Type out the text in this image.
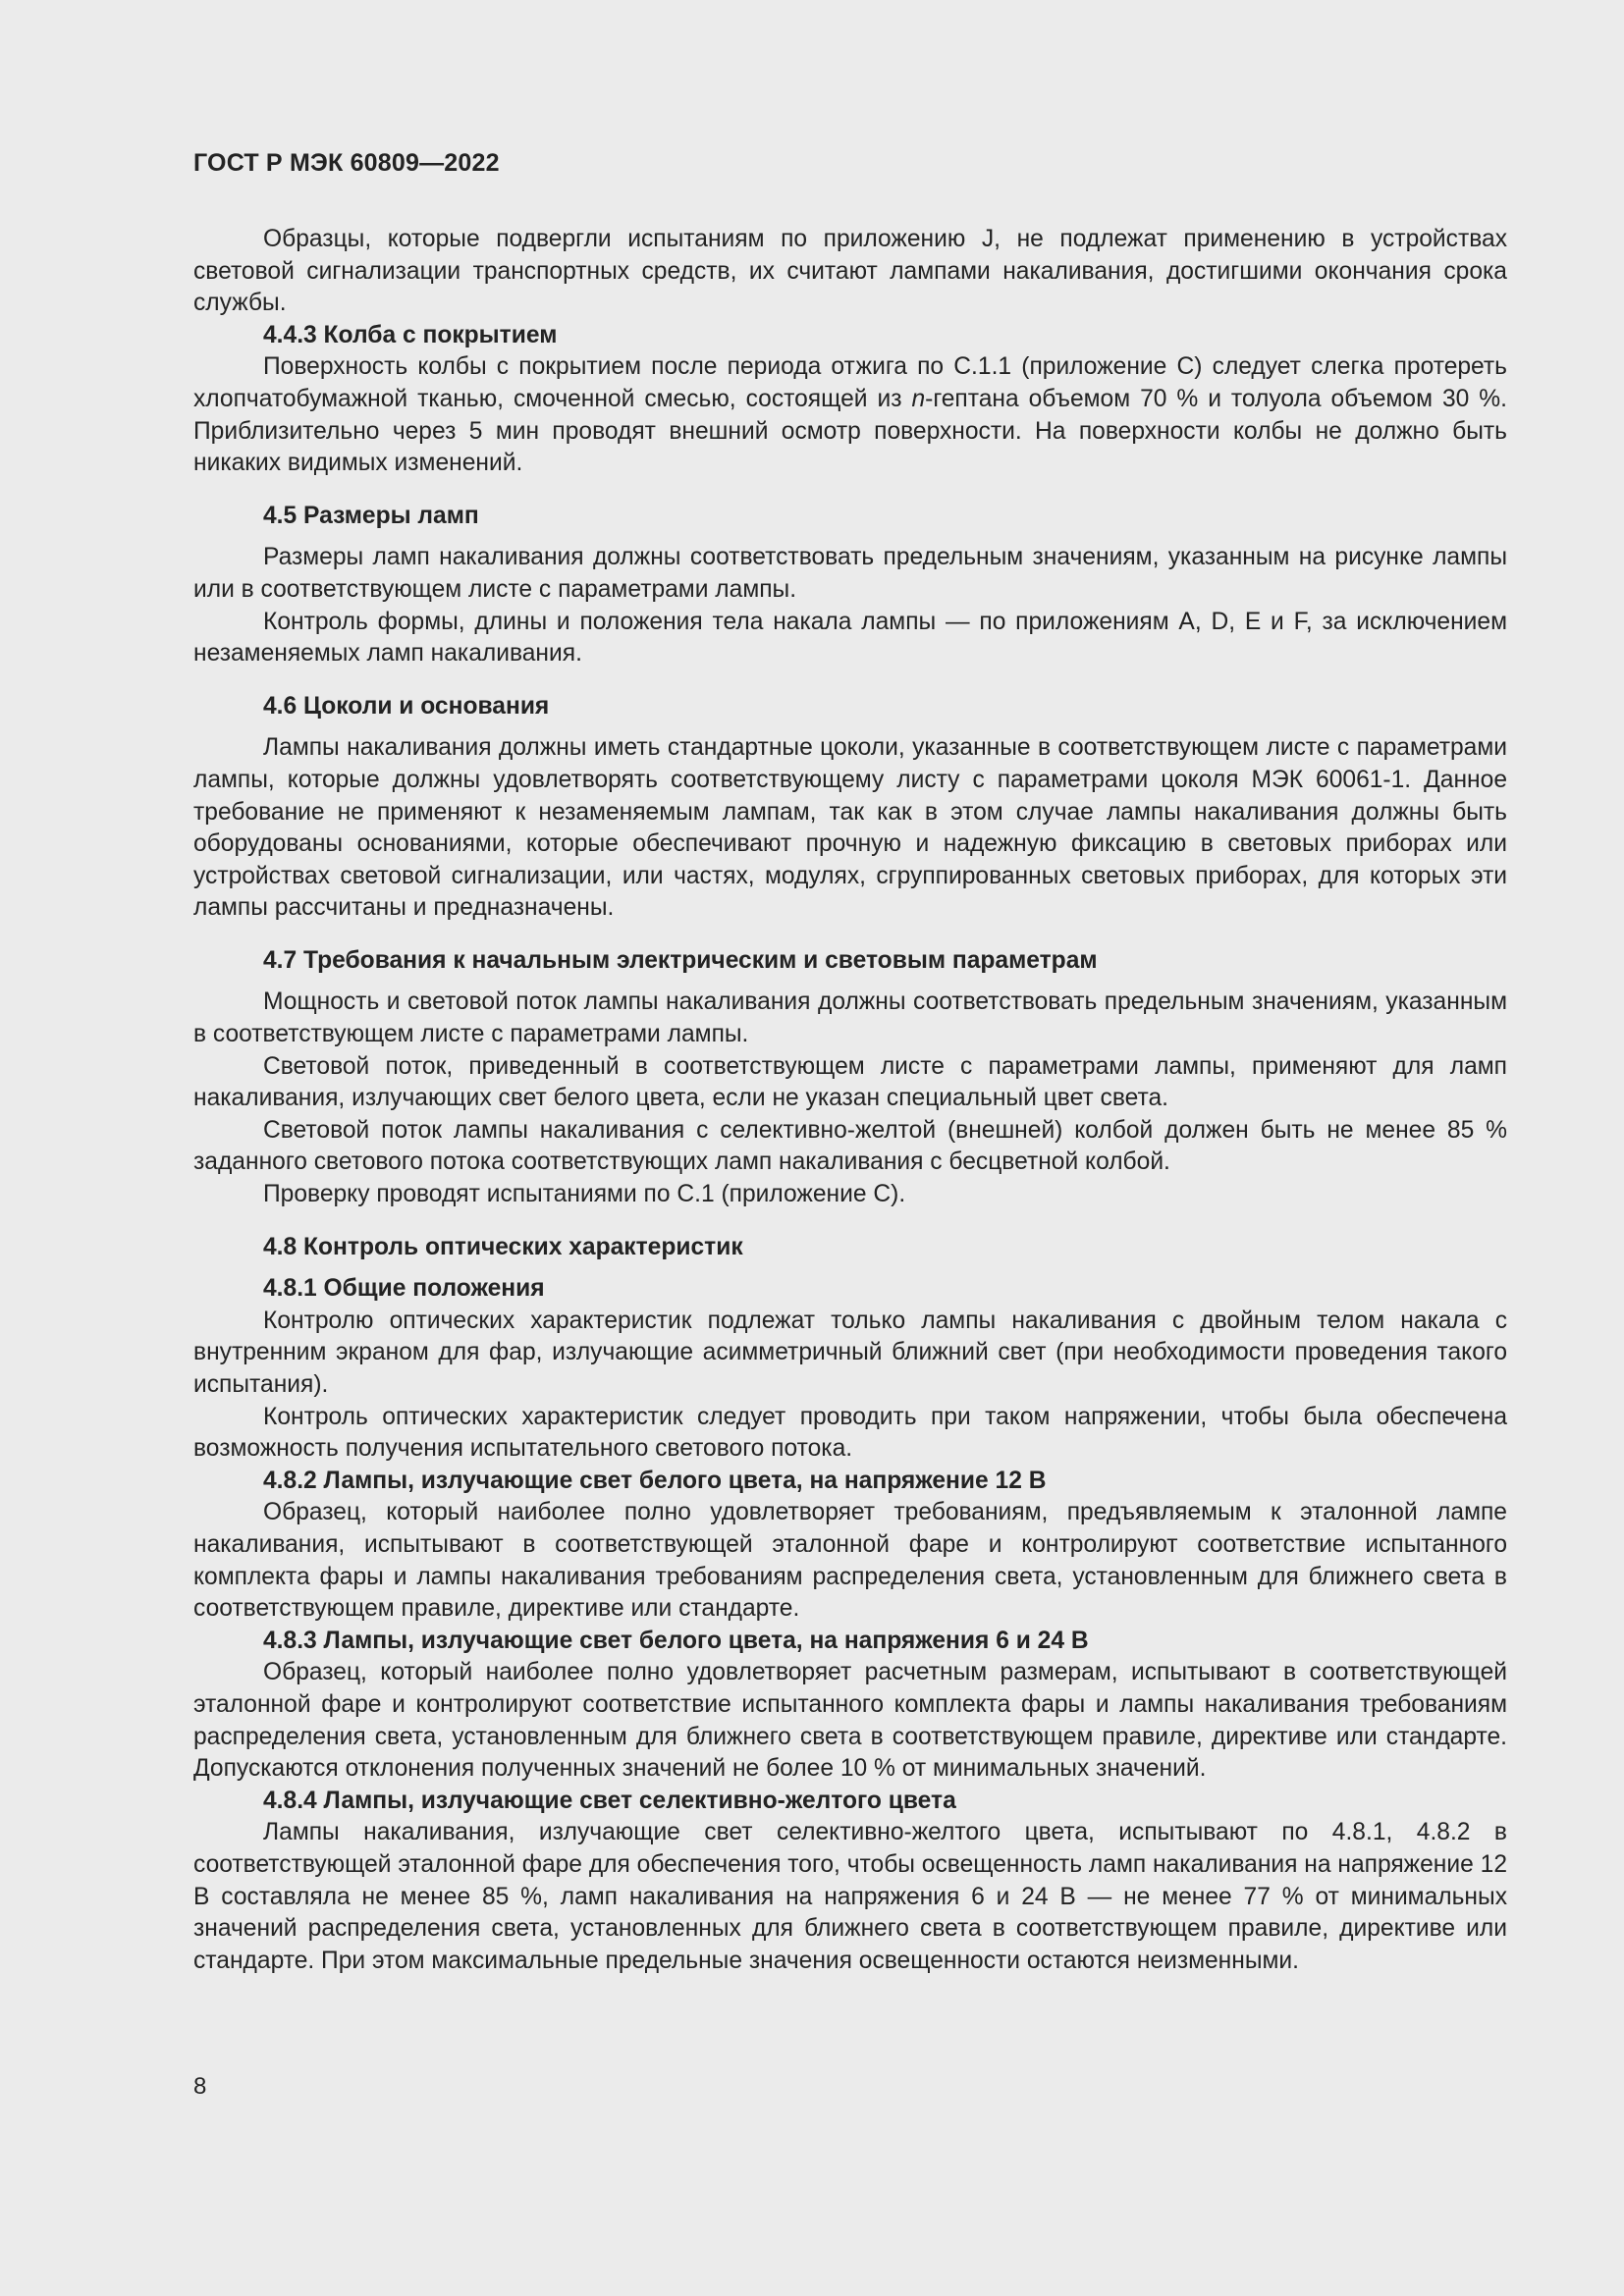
ГОСТ Р МЭК 60809—2022

Образцы, которые подвергли испытаниям по приложению J, не подлежат применению в устройствах световой сигнализации транспортных средств, их считают лампами накаливания, достигшими окончания срока службы.

4.4.3 Колба с покрытием

Поверхность колбы с покрытием после периода отжига по С.1.1 (приложение С) следует слегка протереть хлопчатобумажной тканью, смоченной смесью, состоящей из n-гептана объемом 70 % и толуола объемом 30 %. Приблизительно через 5 мин проводят внешний осмотр поверхности. На поверхности колбы не должно быть никаких видимых изменений.

4.5 Размеры ламп

Размеры ламп накаливания должны соответствовать предельным значениям, указанным на рисунке лампы или в соответствующем листе с параметрами лампы.

Контроль формы, длины и положения тела накала лампы — по приложениям А, D, Е и F, за исключением незаменяемых ламп накаливания.

4.6 Цоколи и основания

Лампы накаливания должны иметь стандартные цоколи, указанные в соответствующем листе с параметрами лампы, которые должны удовлетворять соответствующему листу с параметрами цоколя МЭК 60061-1. Данное требование не применяют к незаменяемым лампам, так как в этом случае лампы накаливания должны быть оборудованы основаниями, которые обеспечивают прочную и надежную фиксацию в световых приборах или устройствах световой сигнализации, или частях, модулях, сгруппированных световых приборах, для которых эти лампы рассчитаны и предназначены.

4.7 Требования к начальным электрическим и световым параметрам

Мощность и световой поток лампы накаливания должны соответствовать предельным значениям, указанным в соответствующем листе с параметрами лампы.

Световой поток, приведенный в соответствующем листе с параметрами лампы, применяют для ламп накаливания, излучающих свет белого цвета, если не указан специальный цвет света.

Световой поток лампы накаливания с селективно-желтой (внешней) колбой должен быть не менее 85 % заданного светового потока соответствующих ламп накаливания с бесцветной колбой.

Проверку проводят испытаниями по С.1 (приложение С).

4.8 Контроль оптических характеристик
4.8.1 Общие положения

Контролю оптических характеристик подлежат только лампы накаливания с двойным телом накала с внутренним экраном для фар, излучающие асимметричный ближний свет (при необходимости проведения такого испытания).

Контроль оптических характеристик следует проводить при таком напряжении, чтобы была обеспечена возможность получения испытательного светового потока.

4.8.2 Лампы, излучающие свет белого цвета, на напряжение 12 В

Образец, который наиболее полно удовлетворяет требованиям, предъявляемым к эталонной лампе накаливания, испытывают в соответствующей эталонной фаре и контролируют соответствие испытанного комплекта фары и лампы накаливания требованиям распределения света, установленным для ближнего света в соответствующем правиле, директиве или стандарте.

4.8.3 Лампы, излучающие свет белого цвета, на напряжения 6 и 24 В

Образец, который наиболее полно удовлетворяет расчетным размерам, испытывают в соответствующей эталонной фаре и контролируют соответствие испытанного комплекта фары и лампы накаливания требованиям распределения света, установленным для ближнего света в соответствующем правиле, директиве или стандарте. Допускаются отклонения полученных значений не более 10 % от минимальных значений.

4.8.4 Лампы, излучающие свет селективно-желтого цвета

Лампы накаливания, излучающие свет селективно-желтого цвета, испытывают по 4.8.1, 4.8.2 в соответствующей эталонной фаре для обеспечения того, чтобы освещенность ламп накаливания на напряжение 12 В составляла не менее 85 %, ламп накаливания на напряжения 6 и 24 В — не менее 77 % от минимальных значений распределения света, установленных для ближнего света в соответствующем правиле, директиве или стандарте. При этом максимальные предельные значения освещенности остаются неизменными.

8
